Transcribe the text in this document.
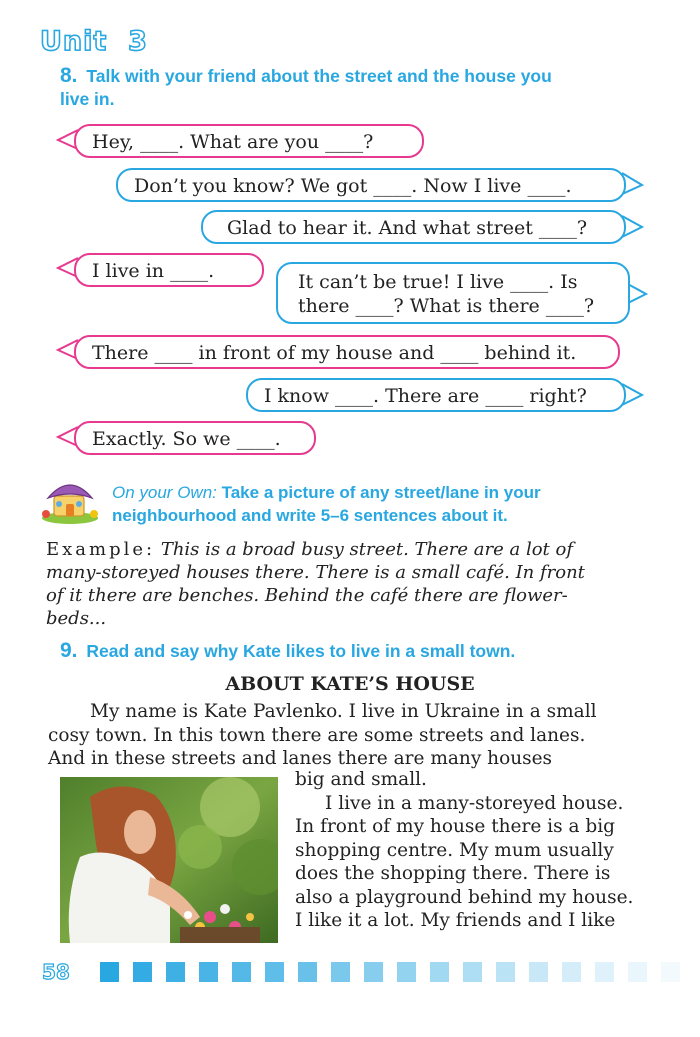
Unit 3
8. Talk with your friend about the street and the house you
live in.
Hey, ____. What are you ____?
Don’t you know? We got ____. Now I live ____.
Glad to hear it. And what street ____?
I live in ____.	It can’t be true! I live ____. Is
there ____? What is there ____?
There ____ in front of my house and ____ behind it.
I know ____. There are ____ right?
Exactly. So we ____.
On your Own: Take a picture of any street/lane in your
neighbourhood and write 5–6 sentences about it.
Example: This is a broad busy street. There are a lot of
many-storeyed houses there. There is a small café. In front
of it there are benches. Behind the café there are flower-
beds...
9. Read and say why Kate likes to live in a small town.
ABOUT KATE’S HOUSE
My name is Kate Pavlenko. I live in Ukraine in a small
cosy town. In this town there are some streets and lanes.
And in these streets and lanes there are many houses
big and small.
I live in a many-storeyed house.
In front of my house there is a big
shopping centre. My mum usually
does the shopping there. There is
also a playground behind my house.
I like it a lot. My friends and I like
58
